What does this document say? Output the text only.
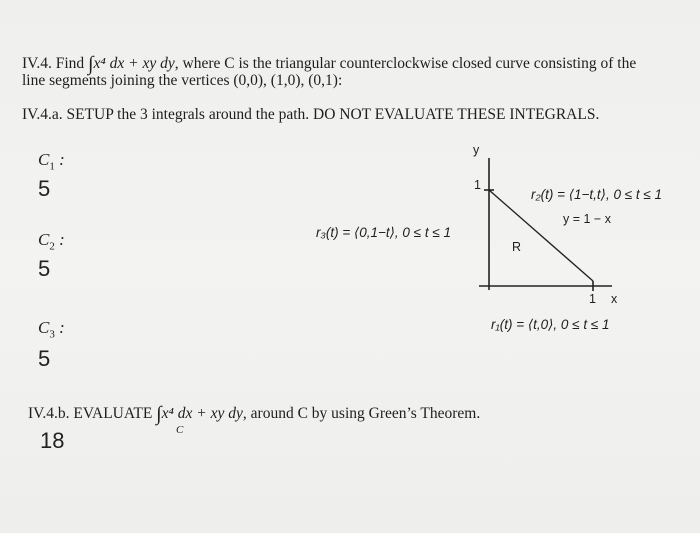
IV.4. Find ∫x⁴ dx + xy dy, where C is the triangular counterclockwise closed curve consisting of the
line segments joining the vertices (0,0), (1,0), (0,1):
IV.4.a. SETUP the 3 integrals around the path. DO NOT EVALUATE THESE INTEGRALS.
$C_1$ :
5
$C_2$ :
5
$C_3$ :
5
y
1
R
1 x
y = 1 − x
r₂(t) = ⟨1−t,t⟩, 0 ≤ t ≤ 1
r₃(t) = ⟨0,1−t⟩, 0 ≤ t ≤ 1
r₁(t) = ⟨t,0⟩, 0 ≤ t ≤ 1
IV.4.b. EVALUATE ∫x⁴ dx + xy dy, around C by using Green’s Theorem.
C
18
